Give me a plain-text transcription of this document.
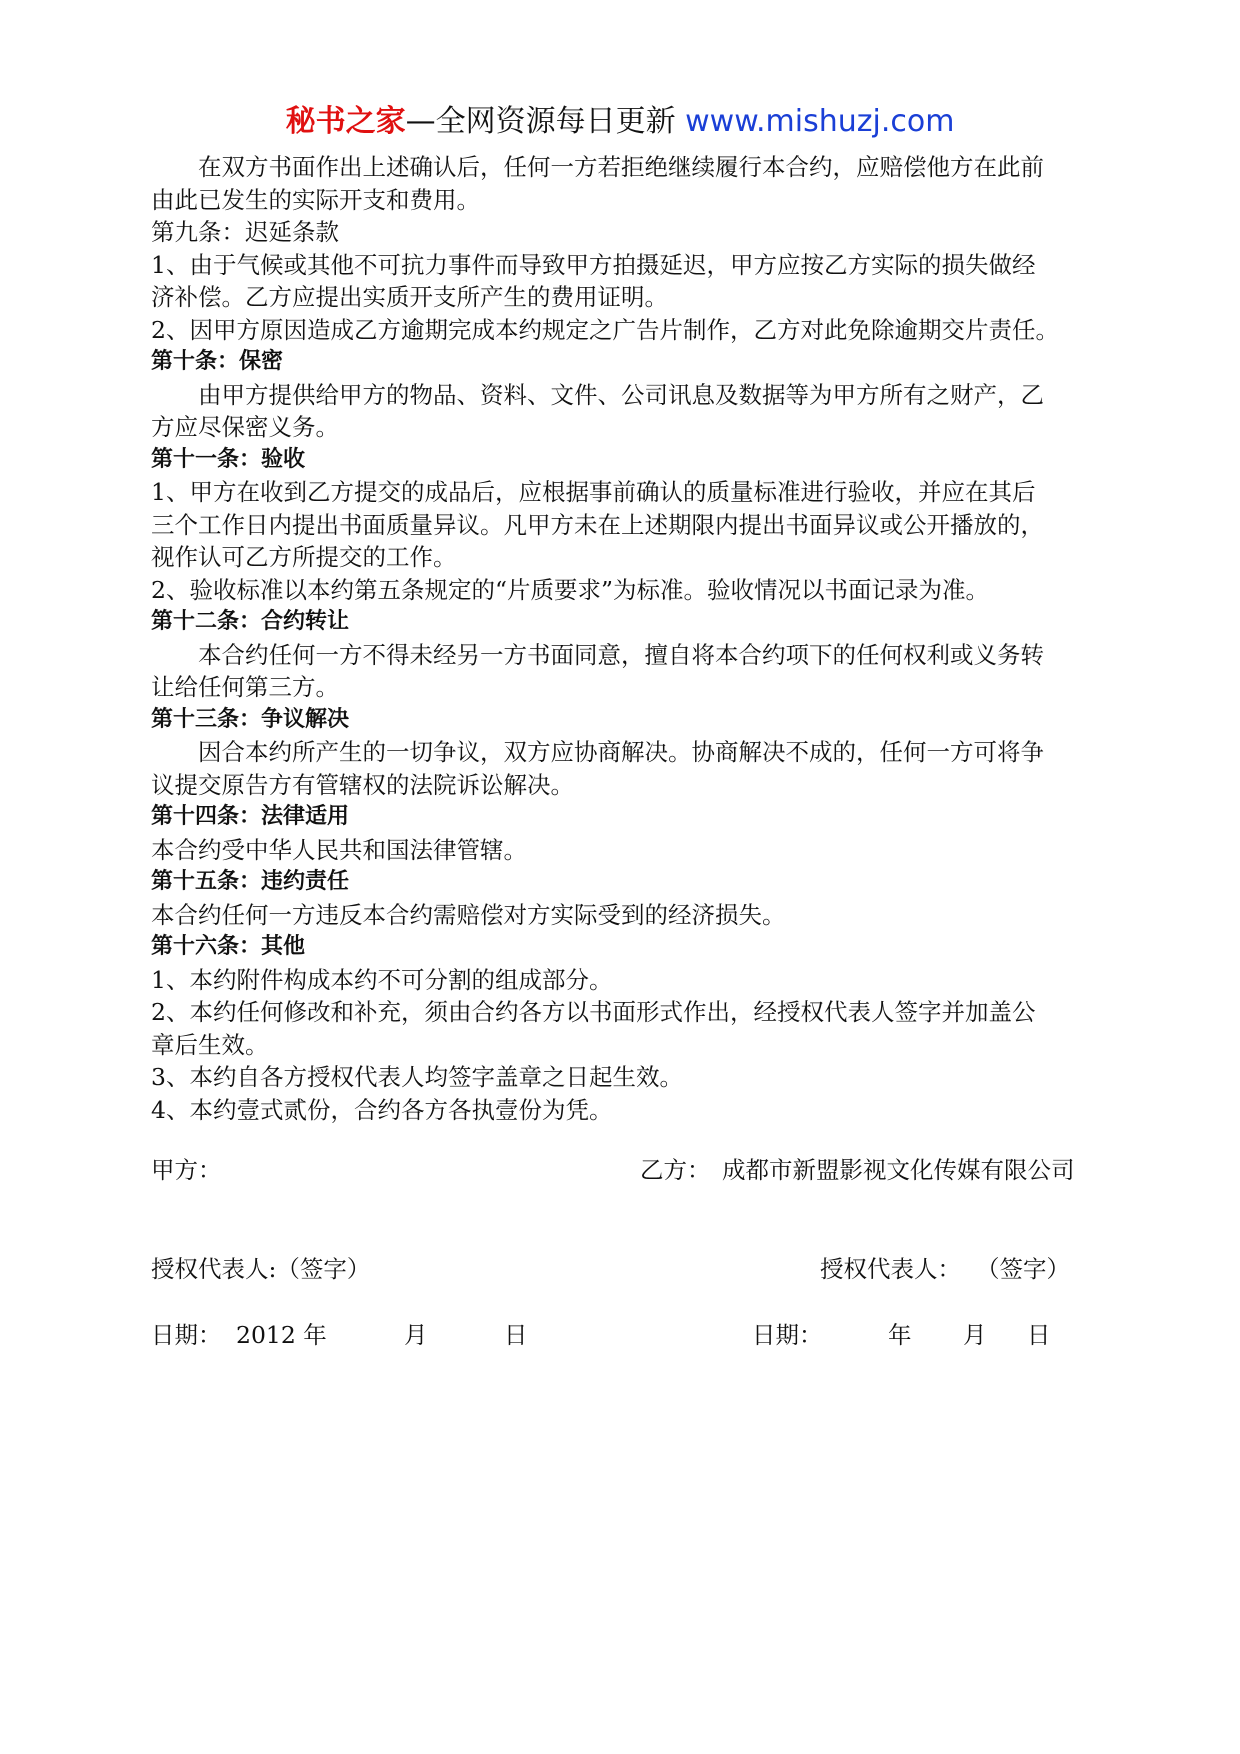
秘书之家—全网资源每日更新 www.mishuzj.com
在双方书面作出上述确认后，任何一方若拒绝继续履行本合约，应赔偿他方在此前
由此已发生的实际开支和费用。
第九条：迟延条款
1、由于气候或其他不可抗力事件而导致甲方拍摄延迟，甲方应按乙方实际的损失做经
济补偿。乙方应提出实质开支所产生的费用证明。
2、因甲方原因造成乙方逾期完成本约规定之广告片制作，乙方对此免除逾期交片责任。
第十条：保密
由甲方提供给甲方的物品、资料、文件、公司讯息及数据等为甲方所有之财产，乙
方应尽保密义务。
第十一条：验收
1、甲方在收到乙方提交的成品后，应根据事前确认的质量标准进行验收，并应在其后
三个工作日内提出书面质量异议。凡甲方未在上述期限内提出书面异议或公开播放的，
视作认可乙方所提交的工作。
2、验收标准以本约第五条规定的“片质要求”为标准。验收情况以书面记录为准。
第十二条：合约转让
本合约任何一方不得未经另一方书面同意，擅自将本合约项下的任何权利或义务转
让给任何第三方。
第十三条：争议解决
因合本约所产生的一切争议，双方应协商解决。协商解决不成的，任何一方可将争
议提交原告方有管辖权的法院诉讼解决。
第十四条：法律适用
本合约受中华人民共和国法律管辖。
第十五条：违约责任
本合约任何一方违反本合约需赔偿对方实际受到的经济损失。
第十六条：其他
1、本约附件构成本约不可分割的组成部分。
2、本约任何修改和补充，须由合约各方以书面形式作出，经授权代表人签字并加盖公
章后生效。
3、本约自各方授权代表人均签字盖章之日起生效。
4、本约壹式贰份，合约各方各执壹份为凭。
甲方：	乙方： 成都市新盟影视文化传媒有限公司
授权代表人:（签字）	授权代表人：  （签字）
日期： 2012 年	月	日	日期：	年 月 日
